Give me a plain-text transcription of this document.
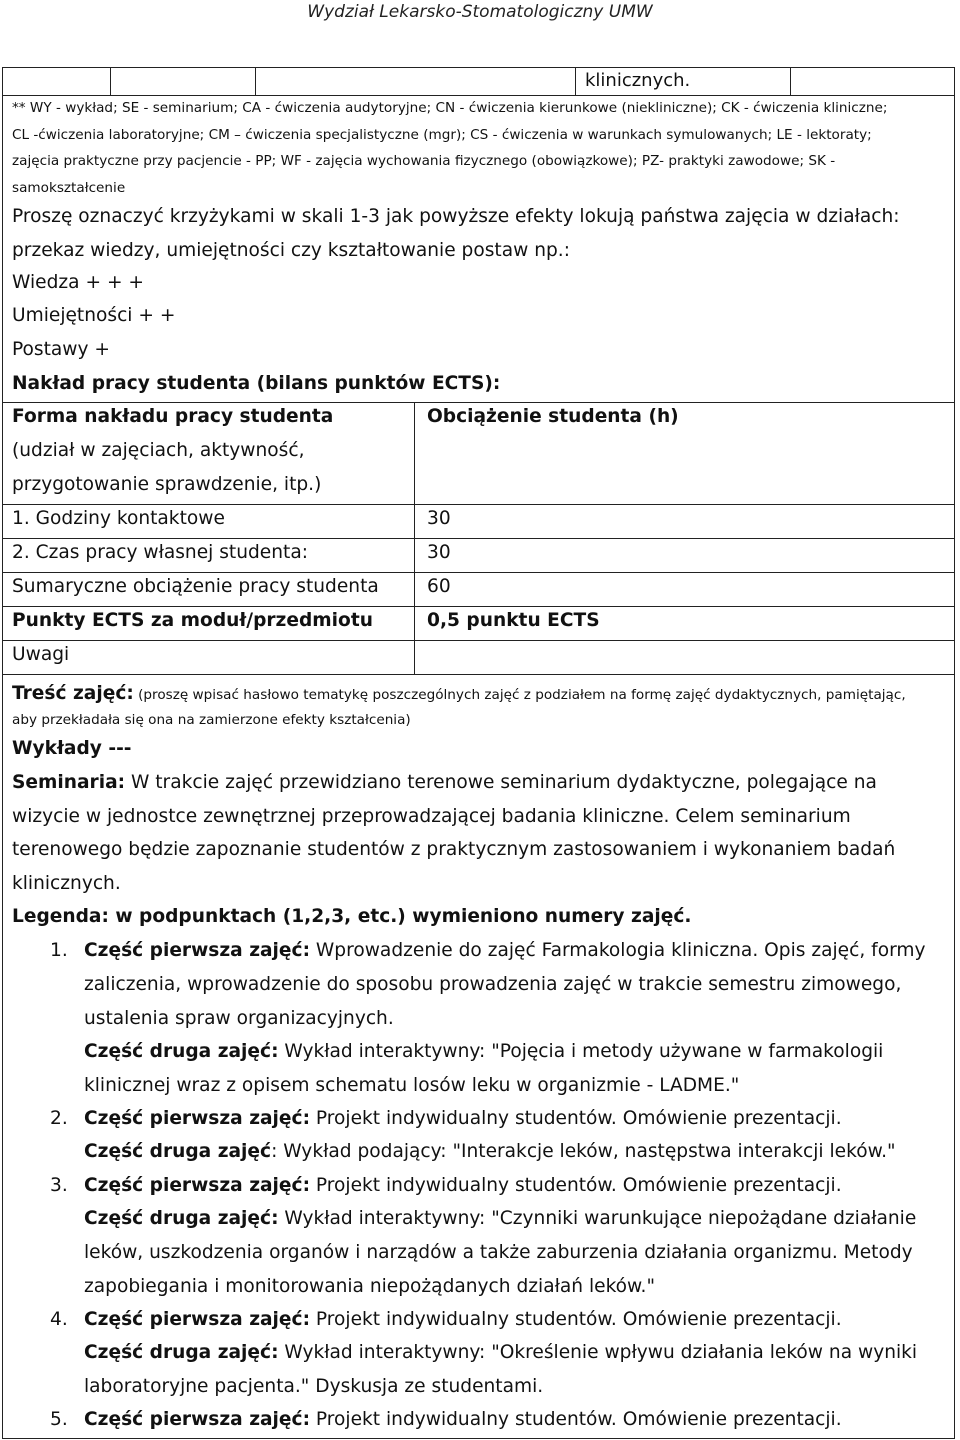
Wydział Lekarsko-Stomatologiczny UMW
klinicznych.
** WY - wykład; SE - seminarium; CA - ćwiczenia audytoryjne; CN - ćwiczenia kierunkowe (niekliniczne); CK - ćwiczenia kliniczne;
CL -ćwiczenia laboratoryjne; CM – ćwiczenia specjalistyczne (mgr); CS - ćwiczenia w warunkach symulowanych; LE - lektoraty;
zajęcia praktyczne przy pacjencie - PP; WF - zajęcia wychowania fizycznego (obowiązkowe); PZ- praktyki zawodowe; SK -
samokształcenie
Proszę oznaczyć krzyżykami w skali 1-3 jak powyższe efekty lokują państwa zajęcia w działach:
przekaz wiedzy, umiejętności czy kształtowanie postaw np.:
Wiedza + + +
Umiejętności + +
Postawy +
Nakład pracy studenta (bilans punktów ECTS):
Forma nakładu pracy studenta	Obciążenie studenta (h)
(udział w zajęciach, aktywność,
przygotowanie sprawdzenie, itp.)
1. Godziny kontaktowe	30
2. Czas pracy własnej studenta:	30
Sumaryczne obciążenie pracy studenta	60
Punkty ECTS za moduł/przedmiotu	0,5 punktu ECTS
Uwagi
Treść zajęć: (proszę wpisać hasłowo tematykę poszczególnych zajęć z podziałem na formę zajęć dydaktycznych, pamiętając,
aby przekładała się ona na zamierzone efekty kształcenia)
Wykłady ---
Seminaria: W trakcie zajęć przewidziano terenowe seminarium dydaktyczne, polegające na
wizycie w jednostce zewnętrznej przeprowadzającej badania kliniczne. Celem seminarium
terenowego będzie zapoznanie studentów z praktycznym zastosowaniem i wykonaniem badań
klinicznych.
Legenda: w podpunktach (1,2,3, etc.) wymieniono numery zajęć.
1. Część pierwsza zajęć: Wprowadzenie do zajęć Farmakologia kliniczna. Opis zajęć, formy
zaliczenia, wprowadzenie do sposobu prowadzenia zajęć w trakcie semestru zimowego,
ustalenia spraw organizacyjnych.
Część druga zajęć: Wykład interaktywny: "Pojęcia i metody używane w farmakologii
klinicznej wraz z opisem schematu losów leku w organizmie - LADME."
2. Część pierwsza zajęć: Projekt indywidualny studentów. Omówienie prezentacji.
Część druga zajęć: Wykład podający: "Interakcje leków, następstwa interakcji leków."
3. Część pierwsza zajęć: Projekt indywidualny studentów. Omówienie prezentacji.
Część druga zajęć: Wykład interaktywny: "Czynniki warunkujące niepożądane działanie
leków, uszkodzenia organów i narządów a także zaburzenia działania organizmu. Metody
zapobiegania i monitorowania niepożądanych działań leków."
4. Część pierwsza zajęć: Projekt indywidualny studentów. Omówienie prezentacji.
Część druga zajęć: Wykład interaktywny: "Określenie wpływu działania leków na wyniki
laboratoryjne pacjenta." Dyskusja ze studentami.
5. Część pierwsza zajęć: Projekt indywidualny studentów. Omówienie prezentacji.
